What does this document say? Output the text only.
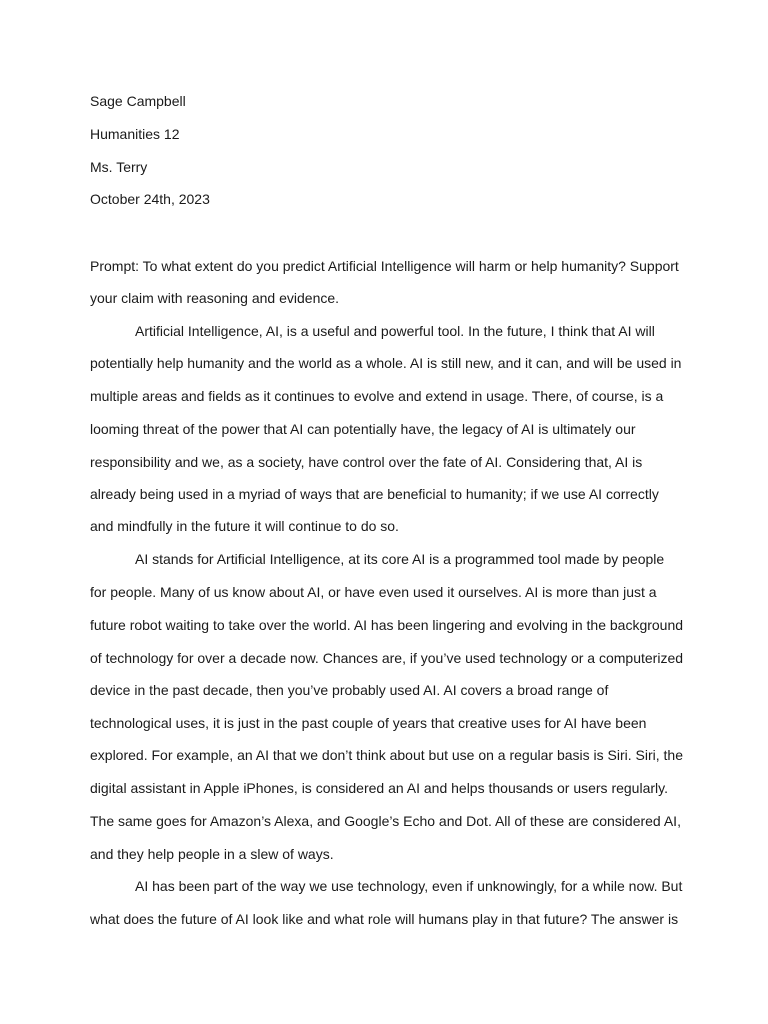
Sage Campbell
Humanities 12
Ms. Terry
October 24th, 2023
Prompt: To what extent do you predict Artificial Intelligence will harm or help humanity? Support
your claim with reasoning and evidence.
Artificial Intelligence, AI, is a useful and powerful tool. In the future, I think that AI will
potentially help humanity and the world as a whole. AI is still new, and it can, and will be used in
multiple areas and fields as it continues to evolve and extend in usage. There, of course, is a
looming threat of the power that AI can potentially have, the legacy of AI is ultimately our
responsibility and we, as a society, have control over the fate of AI. Considering that, AI is
already being used in a myriad of ways that are beneficial to humanity; if we use AI correctly
and mindfully in the future it will continue to do so.
AI stands for Artificial Intelligence, at its core AI is a programmed tool made by people
for people. Many of us know about AI, or have even used it ourselves. AI is more than just a
future robot waiting to take over the world. AI has been lingering and evolving in the background
of technology for over a decade now. Chances are, if you’ve used technology or a computerized
device in the past decade, then you’ve probably used AI. AI covers a broad range of
technological uses, it is just in the past couple of years that creative uses for AI have been
explored. For example, an AI that we don’t think about but use on a regular basis is Siri. Siri, the
digital assistant in Apple iPhones, is considered an AI and helps thousands or users regularly.
The same goes for Amazon’s Alexa, and Google’s Echo and Dot. All of these are considered AI,
and they help people in a slew of ways.
AI has been part of the way we use technology, even if unknowingly, for a while now. But
what does the future of AI look like and what role will humans play in that future? The answer is
